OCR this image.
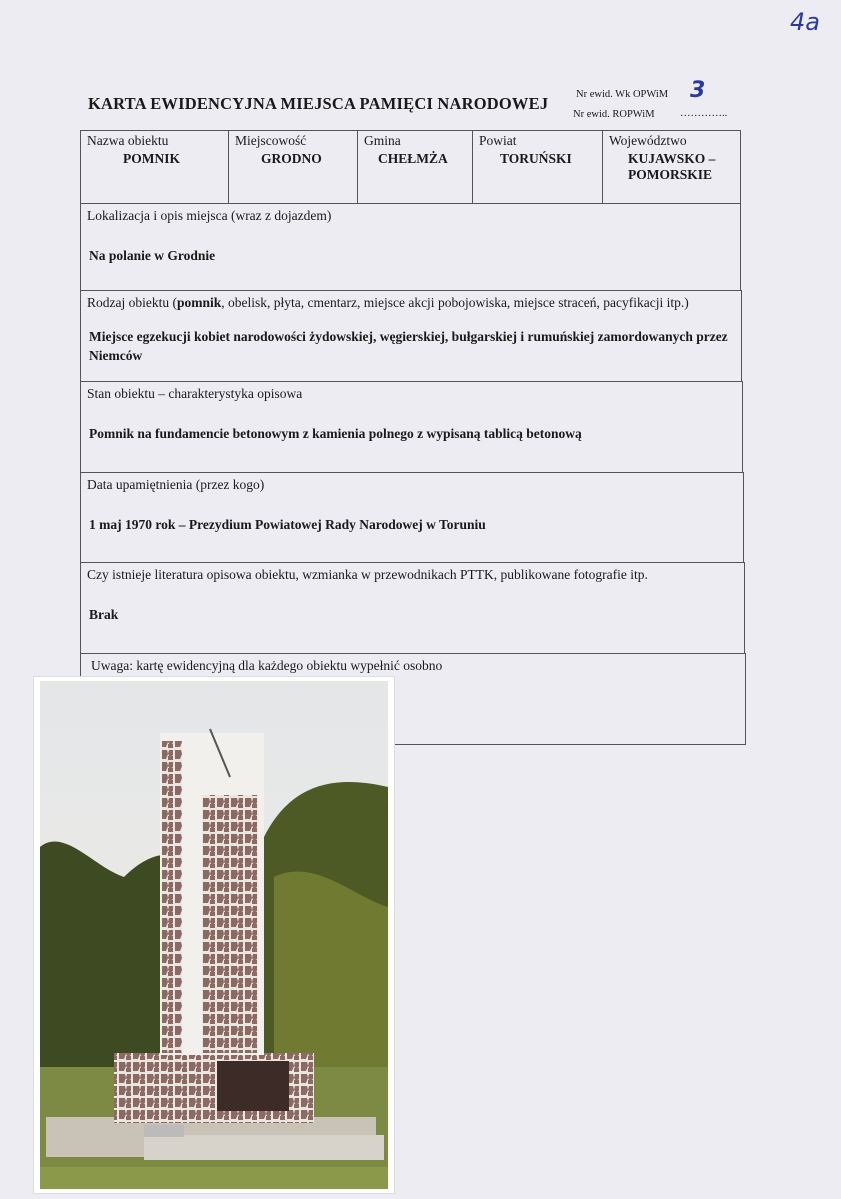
4a
KARTA EWIDENCYJNA MIEJSCA PAMIĘCI NARODOWEJ	Nr ewid. Wk OPWiM 3
Nr ewid. ROPWiM …………..
Nazwa obiektu
POMNIK
Miejscowość
GRODNO
Gmina
CHEŁMŻA
Powiat
TORUŃSKI
Województwo
KUJAWSKO – POMORSKIE
Lokalizacja i opis miejsca (wraz z dojazdem)
Na polanie w Grodnie
Rodzaj obiektu (pomnik, obelisk, płyta, cmentarz, miejsce akcji pobojowiska, miejsce straceń, pacyfikacji itp.)
Miejsce egzekucji kobiet narodowości żydowskiej, węgierskiej, bułgarskiej i rumuńskiej zamordowanych przez Niemców
Stan obiektu – charakterystyka opisowa
Pomnik na fundamencie betonowym z kamienia polnego z wypisaną tablicą betonową
Data upamiętnienia (przez kogo)
1 maj 1970 rok – Prezydium Powiatowej Rady Narodowej w Toruniu
Czy istnieje literatura opisowa obiektu, wzmianka w przewodnikach PTTK, publikowane fotografie itp.
Brak
Uwaga: kartę ewidencyjną dla każdego obiektu wypełnić osobno
